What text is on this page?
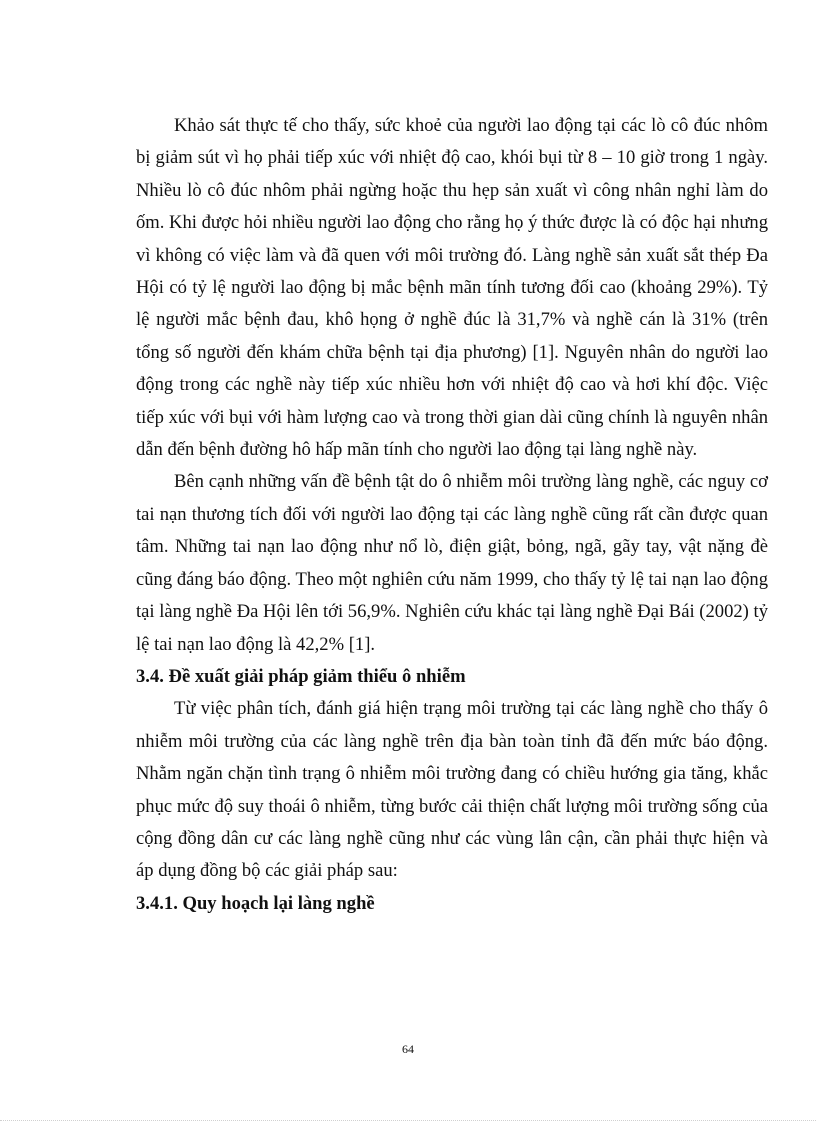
Khảo sát thực tế cho thấy, sức khoẻ của người lao động tại các lò cô đúc nhôm bị giảm sút vì họ phải tiếp xúc với nhiệt độ cao, khói bụi từ 8 – 10 giờ trong 1 ngày. Nhiều lò cô đúc nhôm phải ngừng hoặc thu hẹp sản xuất vì công nhân nghỉ làm do ốm. Khi được hỏi nhiều người lao động cho rằng họ ý thức được là có độc hại nhưng vì không có việc làm và đã quen với môi trường đó. Làng nghề sản xuất sắt thép Đa Hội có tỷ lệ người lao động bị mắc bệnh mãn tính tương đối cao (khoảng 29%). Tỷ lệ người mắc bệnh đau, khô họng ở nghề đúc là 31,7% và nghề cán là 31% (trên tổng số người đến khám chữa bệnh tại địa phương) [1]. Nguyên nhân do người lao động trong các nghề này tiếp xúc nhiều hơn với nhiệt độ cao và hơi khí độc. Việc tiếp xúc với bụi với hàm lượng cao và trong thời gian dài cũng chính là nguyên nhân dẫn đến bệnh đường hô hấp mãn tính cho người lao động tại làng nghề này.

Bên cạnh những vấn đề bệnh tật do ô nhiễm môi trường làng nghề, các nguy cơ tai nạn thương tích đối với người lao động tại các làng nghề cũng rất cần được quan tâm. Những tai nạn lao động như nổ lò, điện giật, bỏng, ngã, gãy tay, vật nặng đè cũng đáng báo động. Theo một nghiên cứu năm 1999, cho thấy tỷ lệ tai nạn lao động tại làng nghề Đa Hội lên tới 56,9%. Nghiên cứu khác tại làng nghề Đại Bái (2002) tỷ lệ tai nạn lao động là 42,2% [1].

3.4. Đề xuất giải pháp giảm thiểu ô nhiễm

Từ việc phân tích, đánh giá hiện trạng môi trường tại các làng nghề cho thấy ô nhiễm môi trường của các làng nghề trên địa bàn toàn tỉnh đã đến mức báo động. Nhằm ngăn chặn tình trạng ô nhiễm môi trường đang có chiều hướng gia tăng, khắc phục mức độ suy thoái ô nhiễm, từng bước cải thiện chất lượng môi trường sống của cộng đồng dân cư các làng nghề cũng như các vùng lân cận, cần phải thực hiện và áp dụng đồng bộ các giải pháp sau:

3.4.1. Quy hoạch lại làng nghề
64
